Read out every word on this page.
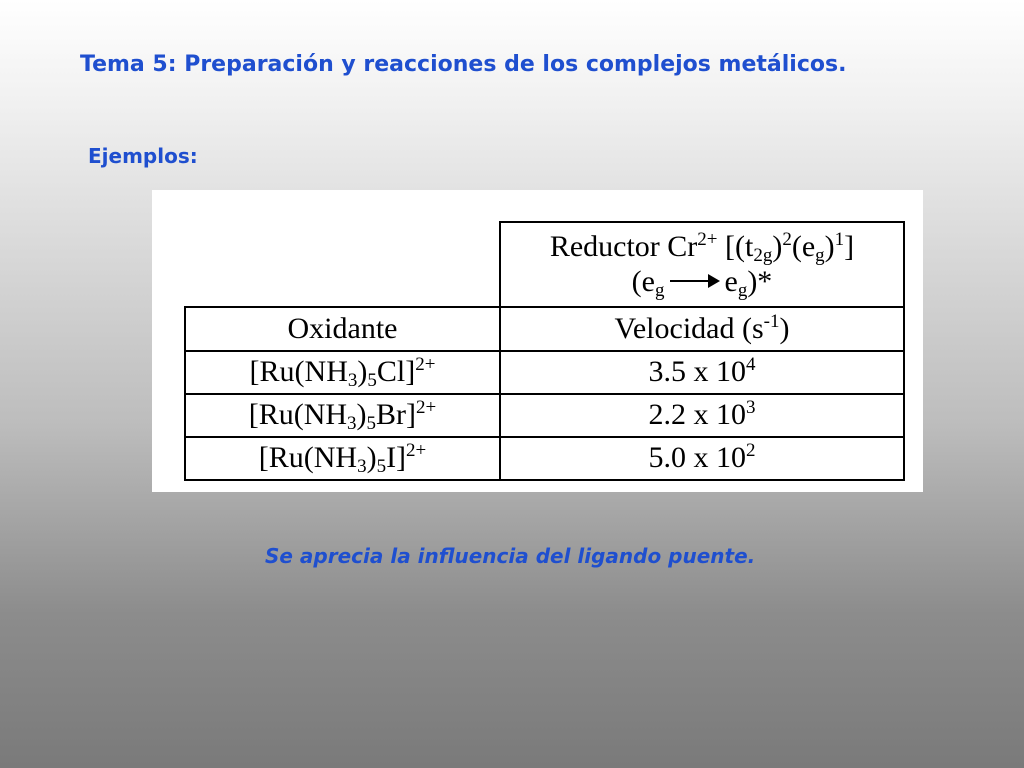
Tema 5: Preparación y reacciones de los complejos metálicos.
Ejemplos:
Reductor $Cr^{2+}$ $[(t_{2g})^2(e_g)^1]$
($e_g$ $e_g)*$
Oxidante	Velocidad $(s^{-1})$
$[Ru(NH_3)_5Cl]^{2+}$	3.5 x $10^4$
$[Ru(NH_3)_5Br]^{2+}$	2.2 x $10^3$
$[Ru(NH_3)_5I]^{2+}$	5.0 x $10^2$
Se aprecia la influencia del ligando puente.
